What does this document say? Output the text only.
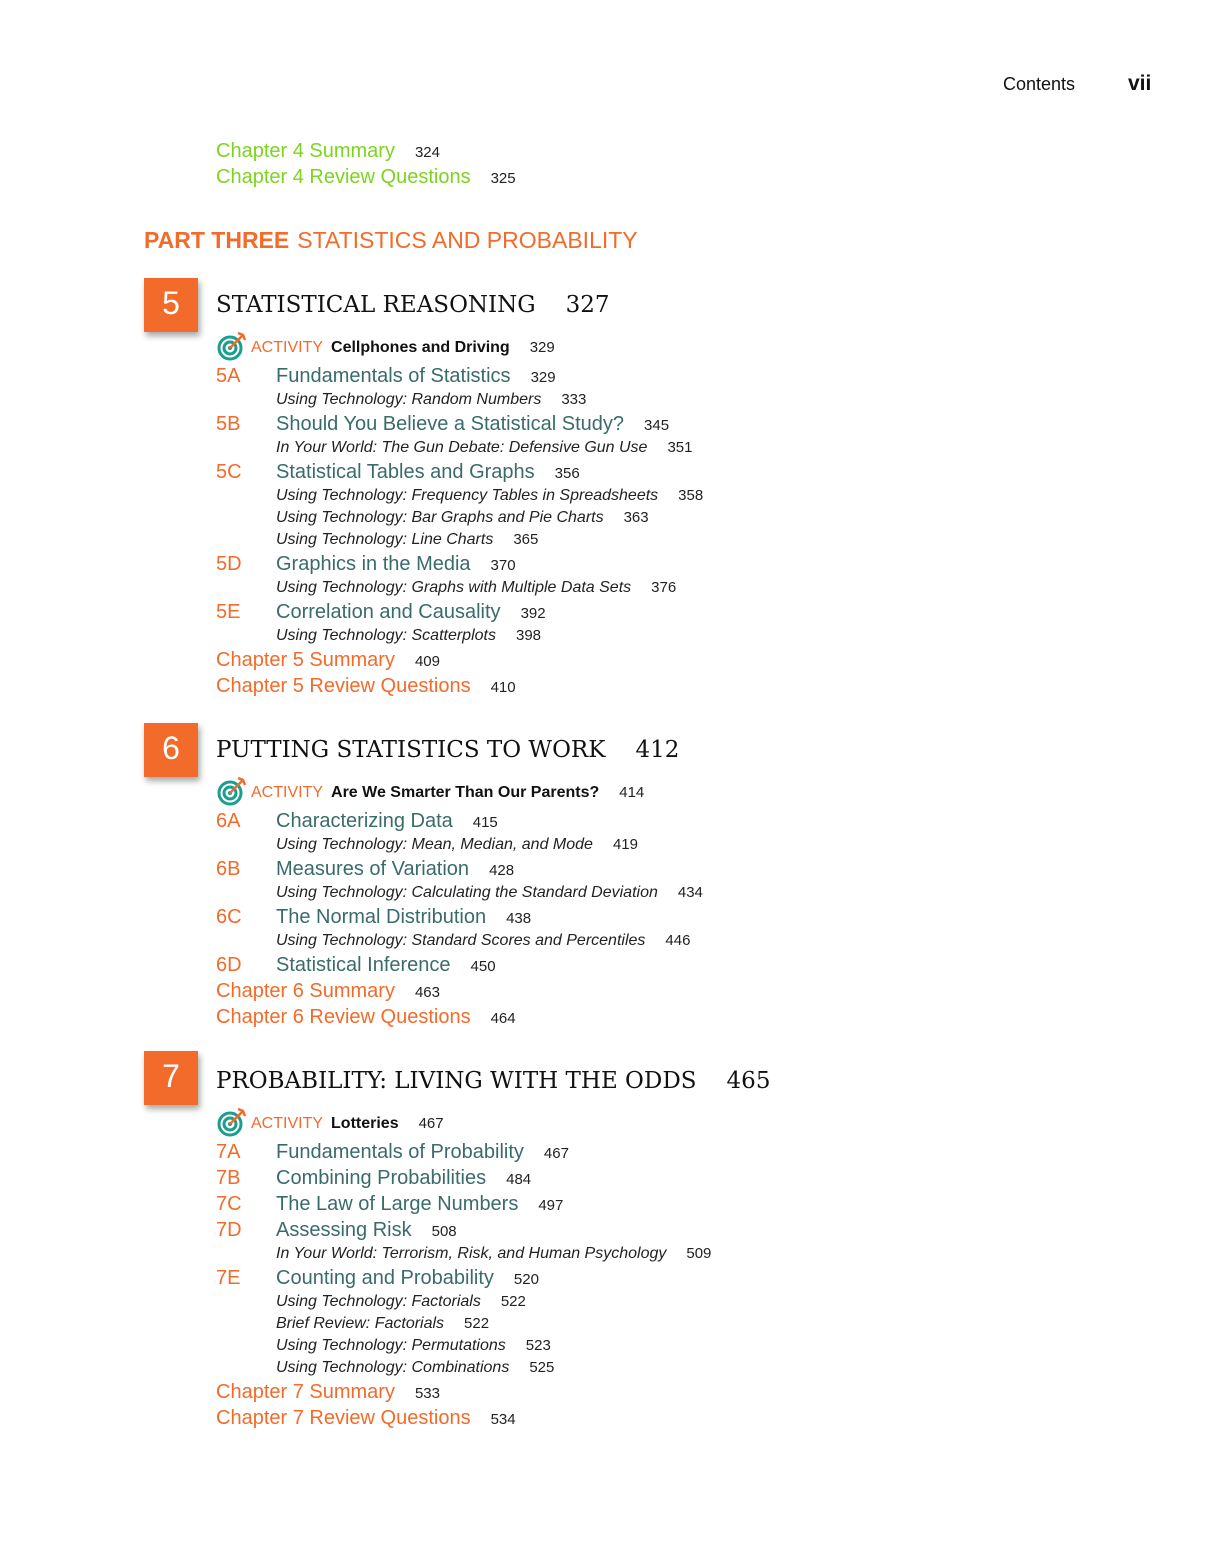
Contents	vii
Chapter 4 Summary 324
Chapter 4 Review Questions 325
PART THREE STATISTICS AND PROBABILITY
5	STATISTICAL REASONING 327
ACTIVITY Cellphones and Driving 329
5A Fundamentals of Statistics 329
Using Technology: Random Numbers 333
5B Should You Believe a Statistical Study? 345
In Your World: The Gun Debate: Defensive Gun Use 351
5C Statistical Tables and Graphs 356
Using Technology: Frequency Tables in Spreadsheets 358
Using Technology: Bar Graphs and Pie Charts 363
Using Technology: Line Charts 365
5D Graphics in the Media 370
Using Technology: Graphs with Multiple Data Sets 376
5E Correlation and Causality 392
Using Technology: Scatterplots 398
Chapter 5 Summary 409
Chapter 5 Review Questions 410
6	PUTTING STATISTICS TO WORK 412
ACTIVITY Are We Smarter Than Our Parents? 414
6A Characterizing Data 415
Using Technology: Mean, Median, and Mode 419
6B Measures of Variation 428
Using Technology: Calculating the Standard Deviation 434
6C The Normal Distribution 438
Using Technology: Standard Scores and Percentiles 446
6D Statistical Inference 450
Chapter 6 Summary 463
Chapter 6 Review Questions 464
7	PROBABILITY: LIVING WITH THE ODDS 465
ACTIVITY Lotteries 467
7A Fundamentals of Probability 467
7B Combining Probabilities 484
7C The Law of Large Numbers 497
7D Assessing Risk 508
In Your World: Terrorism, Risk, and Human Psychology 509
7E Counting and Probability 520
Using Technology: Factorials 522
Brief Review: Factorials 522
Using Technology: Permutations 523
Using Technology: Combinations 525
Chapter 7 Summary 533
Chapter 7 Review Questions 534
